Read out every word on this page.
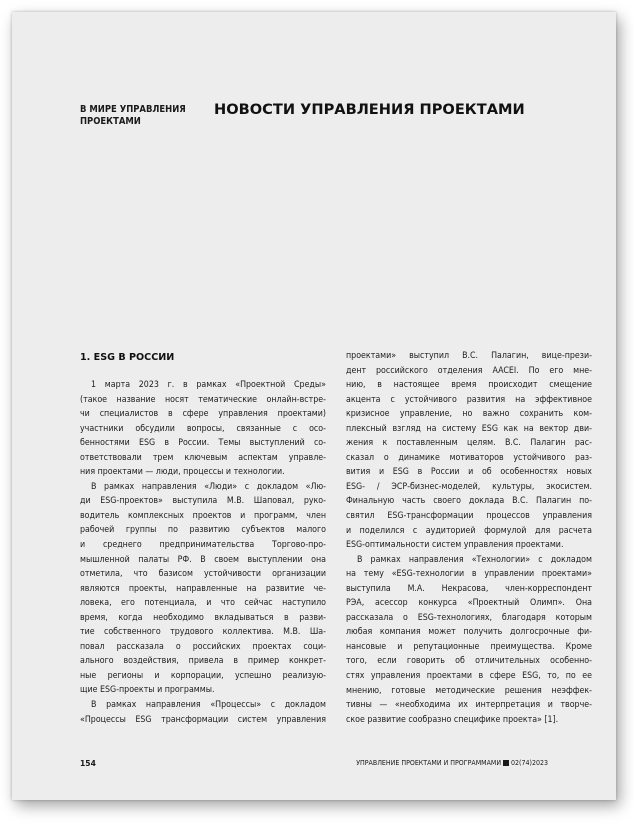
В МИРЕ УПРАВЛЕНИЯ
ПРОЕКТАМИ
НОВОСТИ УПРАВЛЕНИЯ ПРОЕКТАМИ
1. ESG В РОССИИ
1 марта 2023 г. в рамках «Проектной Среды»
(такое название носят тематические онлайн-встре-
чи специалистов в сфере управления проектами)
участники обсудили вопросы, связанные с осо-
бенностями ESG в России. Темы выступлений со-
ответствовали трем ключевым аспектам управле-
ния проектами — люди, процессы и технологии.
В рамках направления «Люди» с докладом «Лю-
ди ESG-проектов» выступила М.В. Шаповал, руко-
водитель комплексных проектов и программ, член
рабочей группы по развитию субъектов малого
и среднего предпринимательства Торгово-про-
мышленной палаты РФ. В своем выступлении она
отметила, что базисом устойчивости организации
являются проекты, направленные на развитие че-
ловека, его потенциала, и что сейчас наступило
время, когда необходимо вкладываться в разви-
тие собственного трудового коллектива. М.В. Ша-
повал рассказала о российских проектах соци-
ального воздействия, привела в пример конкрет-
ные регионы и корпорации, успешно реализую-
щие ESG-проекты и программы.
В рамках направления «Процессы» с докладом
«Процессы ESG трансформации систем управления
проектами» выступил В.С. Палагин, вице-прези-
дент российского отделения AACEI. По его мне-
нию, в настоящее время происходит смещение
акцента с устойчивого развития на эффективное
кризисное управление, но важно сохранить ком-
плексный взгляд на систему ESG как на вектор дви-
жения к поставленным целям. В.С. Палагин рас-
сказал о динамике мотиваторов устойчивого раз-
вития и ESG в России и об особенностях новых
ESG- / ЭСР-бизнес-моделей, культуры, экосистем.
Финальную часть своего доклада В.С. Палагин по-
святил ESG-трансформации процессов управления
и поделился с аудиторией формулой для расчета
ESG-оптимальности систем управления проектами.
В рамках направления «Технологии» с докладом
на тему «ESG-технологии в управлении проектами»
выступила М.А. Некрасова, член-корреспондент
РЭА, асессор конкурса «Проектный Олимп». Она
рассказала о ESG-технологиях, благодаря которым
любая компания может получить долгосрочные фи-
нансовые и репутационные преимущества. Кроме
того, если говорить об отличительных особенно-
стях управления проектами в сфере ESG, то, по ее
мнению, готовые методические решения неэффек-
тивны — «необходима их интерпретация и творче-
ское развитие сообразно специфике проекта» [1].
154	УПРАВЛЕНИЕ ПРОЕКТАМИ И ПРОГРАММАМИ 02(74)2023
